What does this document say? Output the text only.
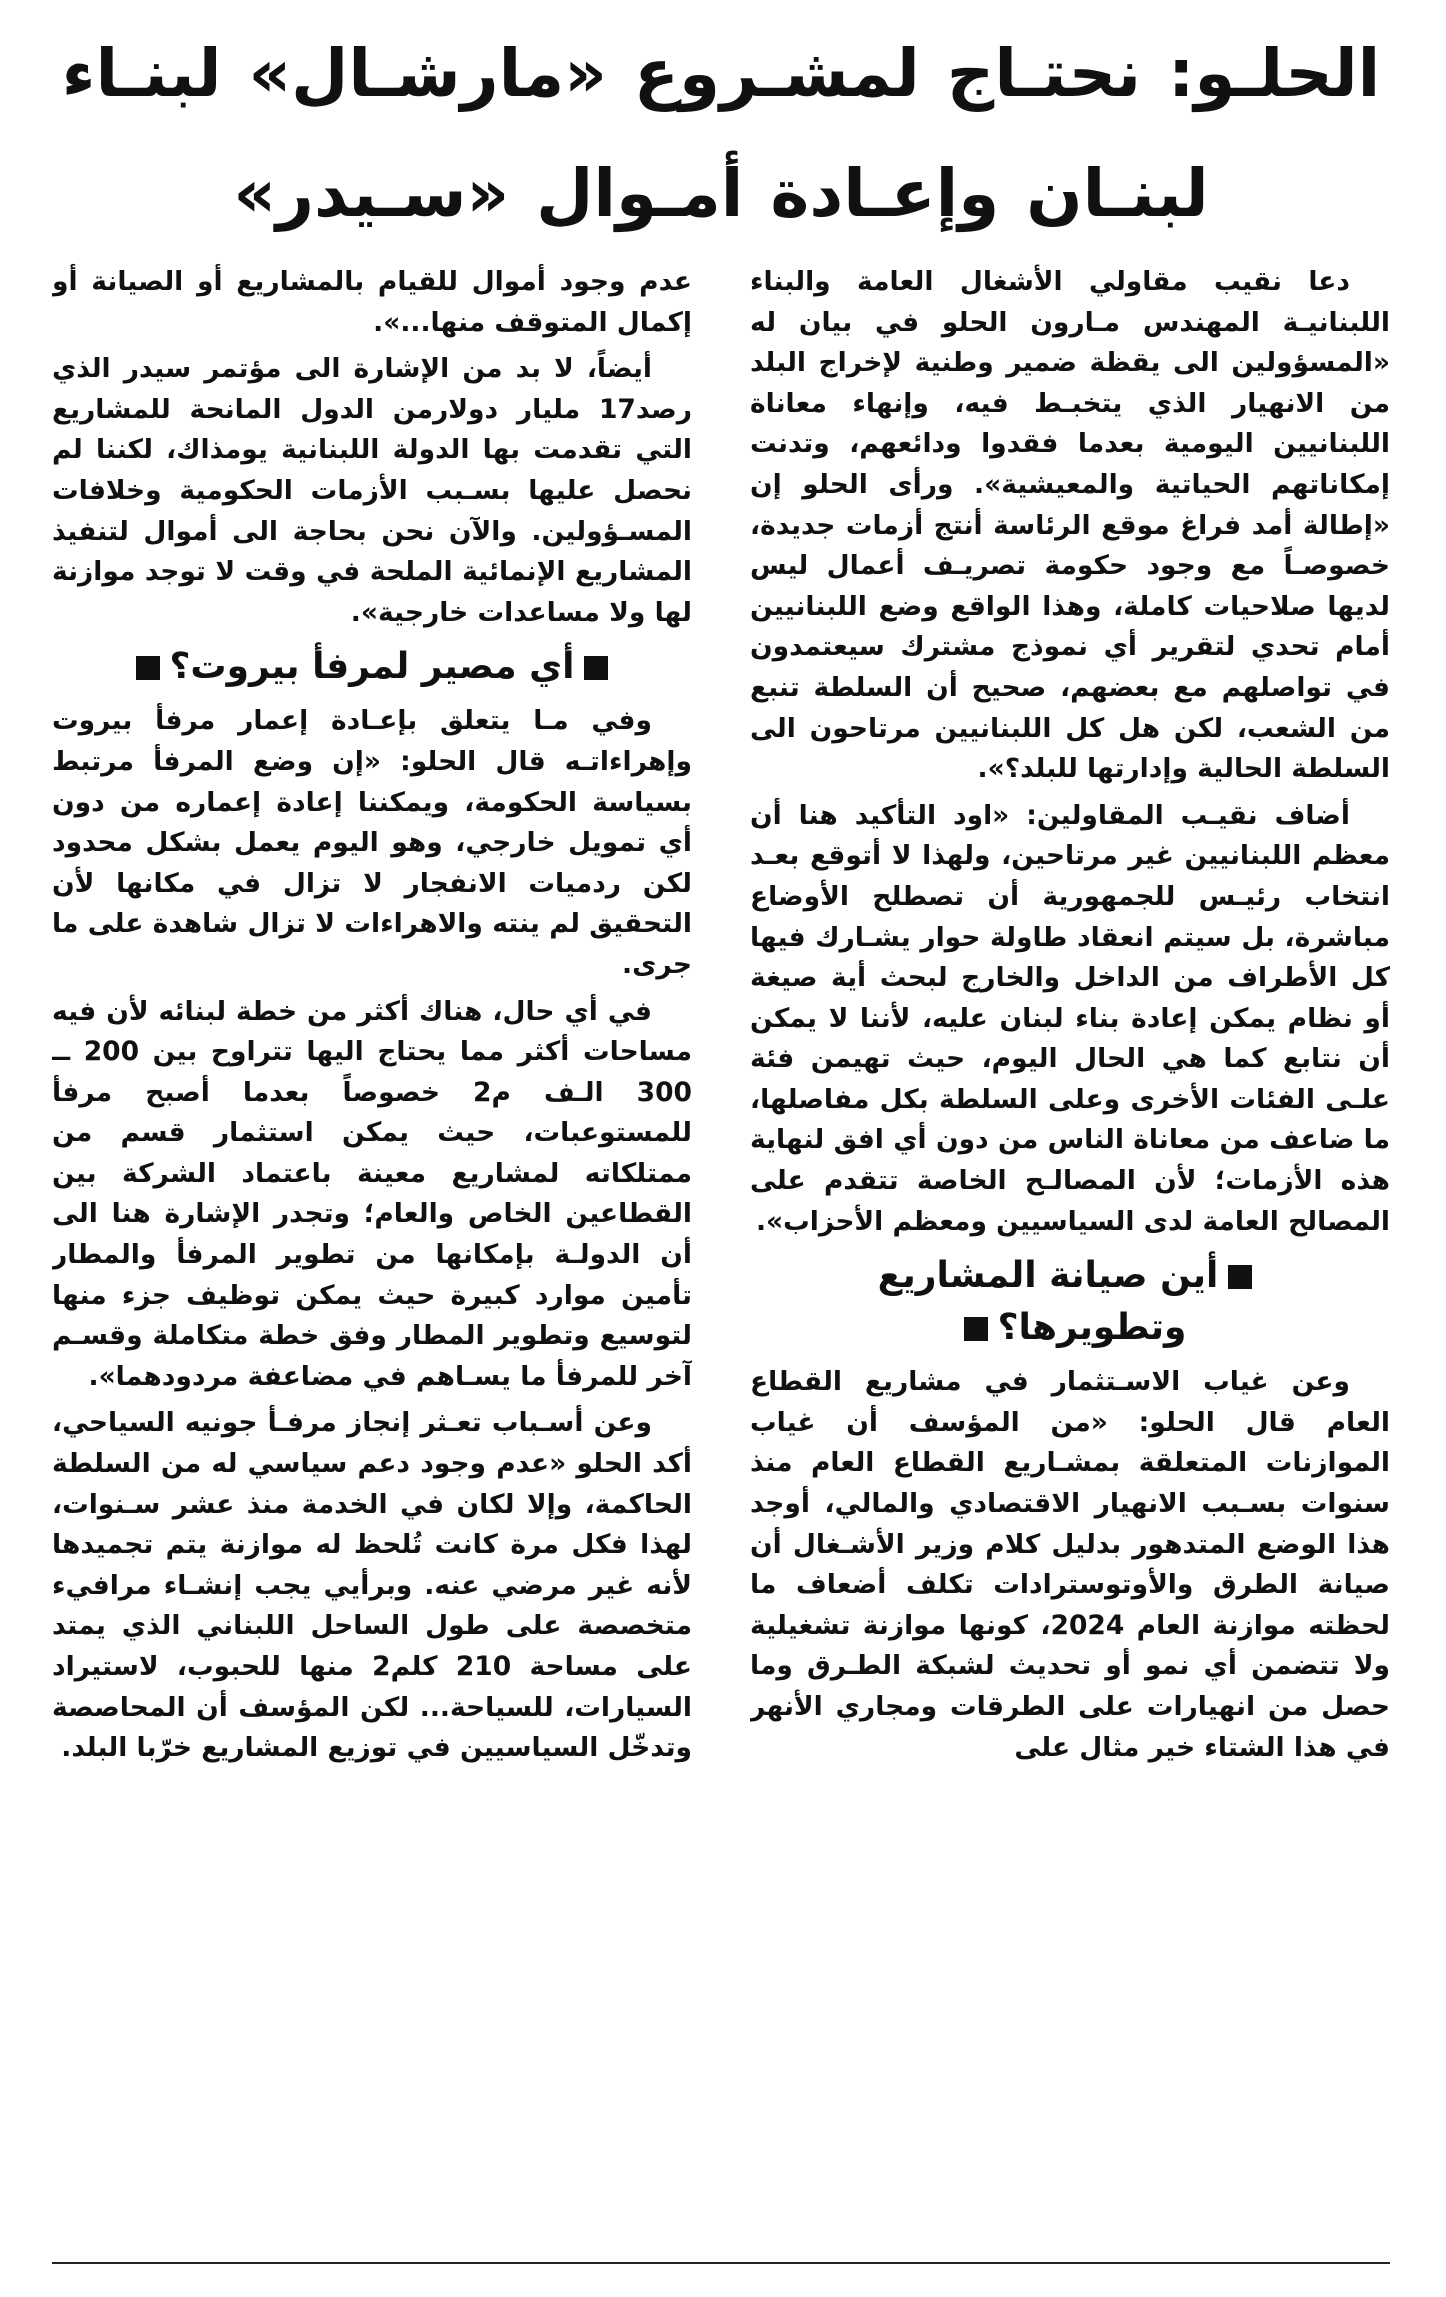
الحلـو: نحتـاج لمشـروع «مارشـال» لبنـاء
لبنـان وإعـادة أمـوال «سـيدر»

دعا نقيب مقاولي الأشغال العامة والبناء اللبنانيـة المهندس مـارون الحلو في بيان له «المسؤولين الى يقظة ضمير وطنية لإخراج البلد من الانهيار الذي يتخبـط فيه، وإنهاء معاناة اللبنانيين اليومية بعدما فقدوا ودائعهم، وتدنت إمكاناتهم الحياتية والمعيشية». ورأى الحلو إن «إطالة أمد فراغ موقع الرئاسة أنتج أزمات جديدة، خصوصـاً مع وجود حكومة تصريـف أعمال ليس لديها صلاحيات كاملة، وهذا الواقع وضع اللبنانيين أمام تحدي لتقرير أي نموذج مشترك سيعتمدون في تواصلهم مع بعضهم، صحيح أن السلطة تنبع من الشعب، لكن هل كل اللبنانيين مرتاحون الى السلطة الحالية وإدارتها للبلد؟».

أضاف نقيـب المقاولين: «اود التأكيد هنا أن معظم اللبنانيين غير مرتاحين، ولهذا لا أتوقع بعـد انتخاب رئيـس للجمهورية أن تصطلح الأوضاع مباشرة، بل سيتم انعقاد طاولة حوار يشـارك فيها كل الأطراف من الداخل والخارج لبحث أية صيغة أو نظام يمكن إعادة بناء لبنان عليه، لأننا لا يمكن أن نتابع كما هي الحال اليوم، حيث تهيمن فئة علـى الفئات الأخرى وعلى السلطة بكل مفاصلها، ما ضاعف من معاناة الناس من دون أي افق لنهاية هذه الأزمات؛ لأن المصالـح الخاصة تتقدم على المصالح العامة لدى السياسيين ومعظم الأحزاب».

أين صيانة المشاريع
وتطويرها؟

وعن غياب الاسـتثمار في مشاريع القطاع العام قال الحلو: «من المؤسف أن غياب الموازنات المتعلقة بمشـاريع القطاع العام منذ سنوات بسـبب الانهيار الاقتصادي والمالي، أوجد هذا الوضع المتدهور بدليل كلام وزير الأشـغال أن صيانة الطرق والأوتوسترادات تكلف أضعاف ما لحظته موازنة العام 2024، كونها موازنة تشغيلية ولا تتضمن أي نمو أو تحديث لشبكة الطـرق وما حصل من انهيارات على الطرقات ومجاري الأنهر في هذا الشتاء خير مثال على

عدم وجود أموال للقيام بالمشاريع أو الصيانة أو إكمال المتوقف منها...».

أيضاً، لا بد من الإشارة الى مؤتمر سيدر الذي رصد17 مليار دولارمن الدول المانحة للمشاريع التي تقدمت بها الدولة اللبنانية يومذاك، لكننا لم نحصل عليها بسـبب الأزمات الحكومية وخلافات المسـؤولين. والآن نحن بحاجة الى أموال لتنفيذ المشاريع الإنمائية الملحة في وقت لا توجد موازنة لها ولا مساعدات خارجية».

أي مصير لمرفأ بيروت؟

وفي مـا يتعلق بإعـادة إعمار مرفأ بيروت وإهراءاتـه قال الحلو: «إن وضع المرفأ مرتبط بسياسة الحكومة، ويمكننا إعادة إعماره من دون أي تمويل خارجي، وهو اليوم يعمل بشكل محدود لكن ردميات الانفجار لا تزال في مكانها لأن التحقيق لم ينته والاهراءات لا تزال شاهدة على ما جرى.

في أي حال، هناك أكثر من خطة لبنائه لأن فيه مساحات أكثر مما يحتاج اليها تتراوح بين 200 ــ 300 الـف م2 خصوصاً بعدما أصبح مرفأ للمستوعبات، حيث يمكن استثمار قسم من ممتلكاته لمشاريع معينة باعتماد الشركة بين القطاعين الخاص والعام؛ وتجدر الإشارة هنا الى أن الدولـة بإمكانها من تطوير المرفأ والمطار تأمين موارد كبيرة حيث يمكن توظيف جزء منها لتوسيع وتطوير المطار وفق خطة متكاملة وقسـم آخر للمرفأ ما يسـاهم في مضاعفة مردودهما».

وعن أسـباب تعـثر إنجاز مرفـأ جونيه السياحي، أكد الحلو «عدم وجود دعم سياسي له من السلطة الحاكمة، وإلا لكان في الخدمة منذ عشر سـنوات، لهذا فكل مرة كانت تُلحظ له موازنة يتم تجميدها لأنه غير مرضي عنه. وبرأيي يجب إنشـاء مرافيء متخصصة على طول الساحل اللبناني الذي يمتد على مساحة 210 كلم2 منها للحبوب، لاستيراد السيارات، للسياحة... لكن المؤسف أن المحاصصة وتدخّل السياسيين في توزيع المشاريع خرّبا البلد.
